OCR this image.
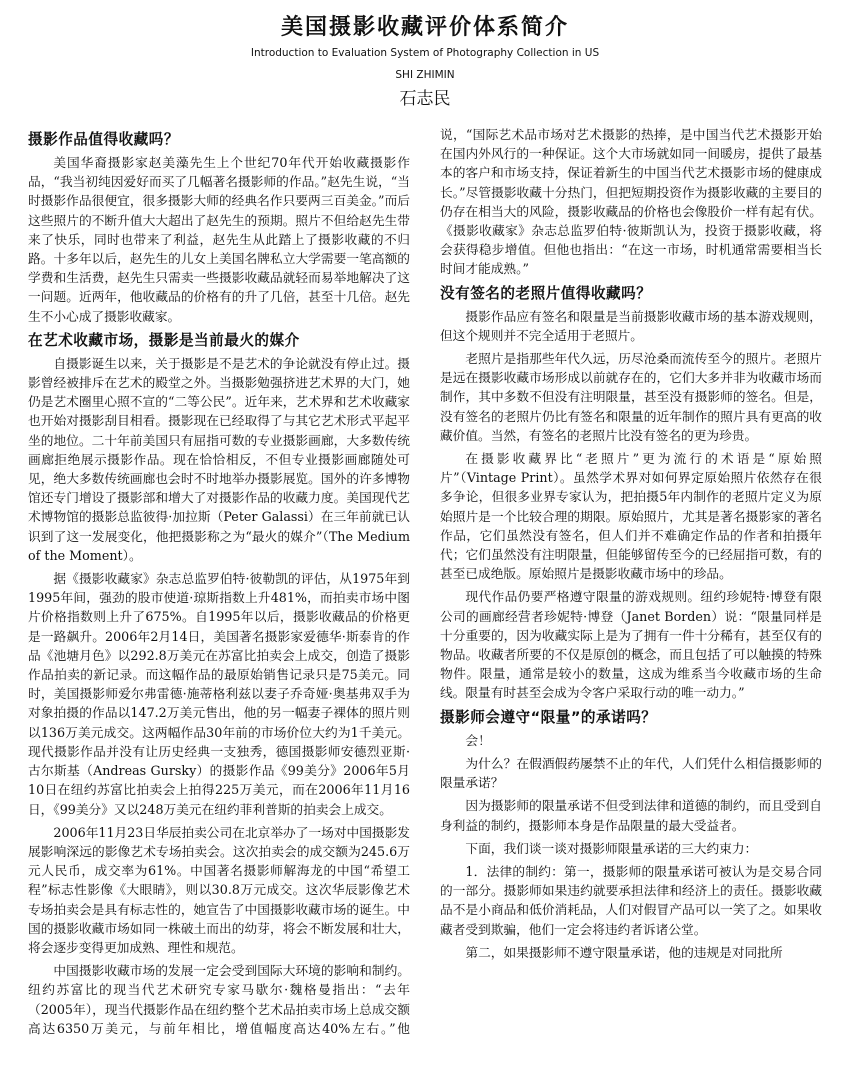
美国摄影收藏评价体系简介

Introduction to Evaluation System of Photography Collection in US

SHI ZHIMIN

石志民

摄影作品值得收藏吗？

美国华裔摄影家赵美藻先生上个世纪70年代开始收藏摄影作品，“我当初纯因爱好而买了几幅著名摄影师的作品。”赵先生说，“当时摄影作品很便宜，很多摄影大师的经典名作只要两三百美金。”而后这些照片的不断升值大大超出了赵先生的预期。照片不但给赵先生带来了快乐，同时也带来了利益，赵先生从此踏上了摄影收藏的不归路。十多年以后，赵先生的儿女上美国名牌私立大学需要一笔高额的学费和生活费，赵先生只需卖一些摄影收藏品就轻而易举地解决了这一问题。近两年，他收藏品的价格有的升了几倍，甚至十几倍。赵先生不小心成了摄影收藏家。

在艺术收藏市场，摄影是当前最火的媒介

自摄影诞生以来，关于摄影是不是艺术的争论就没有停止过。摄影曾经被排斥在艺术的殿堂之外。当摄影勉强挤进艺术界的大门，她仍是艺术圈里心照不宣的“二等公民”。近年来，艺术界和艺术收藏家也开始对摄影刮目相看。摄影现在已经取得了与其它艺术形式平起平坐的地位。二十年前美国只有屈指可数的专业摄影画廊，大多数传统画廊拒绝展示摄影作品。现在恰恰相反，不但专业摄影画廊随处可见，绝大多数传统画廊也会时不时地举办摄影展览。国外的许多博物馆还专门增设了摄影部和增大了对摄影作品的收藏力度。美国现代艺术博物馆的摄影总监彼得·加拉斯（Peter Galassi）在三年前就已认识到了这一发展变化，他把摄影称之为“最火的媒介”（The Medium of the Moment）。

据《摄影收藏家》杂志总监罗伯特·彼勒凯的评估，从1975年到1995年间，强劲的股市使道·琼斯指数上升481%，而拍卖市场中图片价格指数则上升了675%。自1995年以后，摄影收藏品的价格更是一路飙升。2006年2月14日，美国著名摄影家爱德华·斯泰肯的作品《池塘月色》以292.8万美元在苏富比拍卖会上成交，创造了摄影作品拍卖的新记录。而这幅作品的最原始销售记录只是75美元。同时，美国摄影师爱尔弗雷德·施蒂格利兹以妻子乔奇娅·奥基弗双手为对象拍摄的作品以147.2万美元售出，他的另一幅妻子裸体的照片则以136万美元成交。这两幅作品30年前的市场价位大约为1千美元。现代摄影作品并没有让历史经典一支独秀，德国摄影师安德烈亚斯·古尔斯基（Andreas Gursky）的摄影作品《99美分》2006年5月10日在纽约苏富比拍卖会上拍得225万美元，而在2006年11月16日，《99美分》又以248万美元在纽约菲利普斯的拍卖会上成交。

2006年11月23日华辰拍卖公司在北京举办了一场对中国摄影发展影响深远的影像艺术专场拍卖会。这次拍卖会的成交额为245.6万元人民币，成交率为61%。中国著名摄影师解海龙的中国“希望工程”标志性影像《大眼睛》，则以30.8万元成交。这次华辰影像艺术专场拍卖会是具有标志性的，她宣告了中国摄影收藏市场的诞生。中国的摄影收藏市场如同一株破土而出的幼芽，将会不断发展和壮大，将会逐步变得更加成熟、理性和规范。

中国摄影收藏市场的发展一定会受到国际大环境的影响和制约。纽约苏富比的现当代艺术研究专家马歇尔·魏格曼指出：“去年（2005年），现当代摄影作品在纽约整个艺术品拍卖市场上总成交额高达6350万美元，与前年相比，增值幅度高达40%左右。”他说，“国际艺术品市场对艺术摄影的热捧，是中国当代艺术摄影开始在国内外风行的一种保证。这个大市场就如同一间暖房，提供了最基本的客户和市场支持，保证着新生的中国当代艺术摄影市场的健康成长。”尽管摄影收藏十分热门，但把短期投资作为摄影收藏的主要目的仍存在相当大的风险，摄影收藏品的价格也会像股价一样有起有伏。《摄影收藏家》杂志总监罗伯特·彼斯凯认为，投资于摄影收藏，将会获得稳步增值。但他也指出：“在这一市场，时机通常需要相当长时间才能成熟。”

没有签名的老照片值得收藏吗？

摄影作品应有签名和限量是当前摄影收藏市场的基本游戏规则，但这个规则并不完全适用于老照片。

老照片是指那些年代久远，历尽沧桑而流传至今的照片。老照片是远在摄影收藏市场形成以前就存在的，它们大多并非为收藏市场而制作，其中多数不但没有注明限量，甚至没有摄影师的签名。但是，没有签名的老照片仍比有签名和限量的近年制作的照片具有更高的收藏价值。当然，有签名的老照片比没有签名的更为珍贵。

在摄影收藏界比“老照片”更为流行的术语是“原始照片”（Vintage Print）。虽然学术界对如何界定原始照片依然存在很多争论，但很多业界专家认为，把拍摄5年内制作的老照片定义为原始照片是一个比较合理的期限。原始照片，尤其是著名摄影家的著名作品，它们虽然没有签名，但人们并不难确定作品的作者和拍摄年代；它们虽然没有注明限量，但能够留传至今的已经屈指可数，有的甚至已成绝版。原始照片是摄影收藏市场中的珍品。

现代作品仍要严格遵守限量的游戏规则。纽约珍妮特·博登有限公司的画廊经营者珍妮特·博登（Janet Borden）说：“限量同样是十分重要的，因为收藏实际上是为了拥有一件十分稀有，甚至仅有的物品。收藏者所要的不仅是原创的概念，而且包括了可以触摸的特殊物件。限量，通常是较小的数量，这成为维系当今收藏市场的生命线。限量有时甚至会成为令客户采取行动的唯一动力。”

摄影师会遵守“限量”的承诺吗？

会！

为什么？在假酒假药屡禁不止的年代，人们凭什么相信摄影师的限量承诺？

因为摄影师的限量承诺不但受到法律和道德的制约，而且受到自身利益的制约，摄影师本身是作品限量的最大受益者。

下面，我们谈一谈对摄影师限量承诺的三大约束力：

1．法律的制约：第一，摄影师的限量承诺可被认为是交易合同的一部分。摄影师如果违约就要承担法律和经济上的责任。摄影收藏品不是小商品和低价消耗品，人们对假冒产品可以一笑了之。如果收藏者受到欺骗，他们一定会将违约者诉诸公堂。

第二，如果摄影师不遵守限量承诺，他的违规是对同批所
